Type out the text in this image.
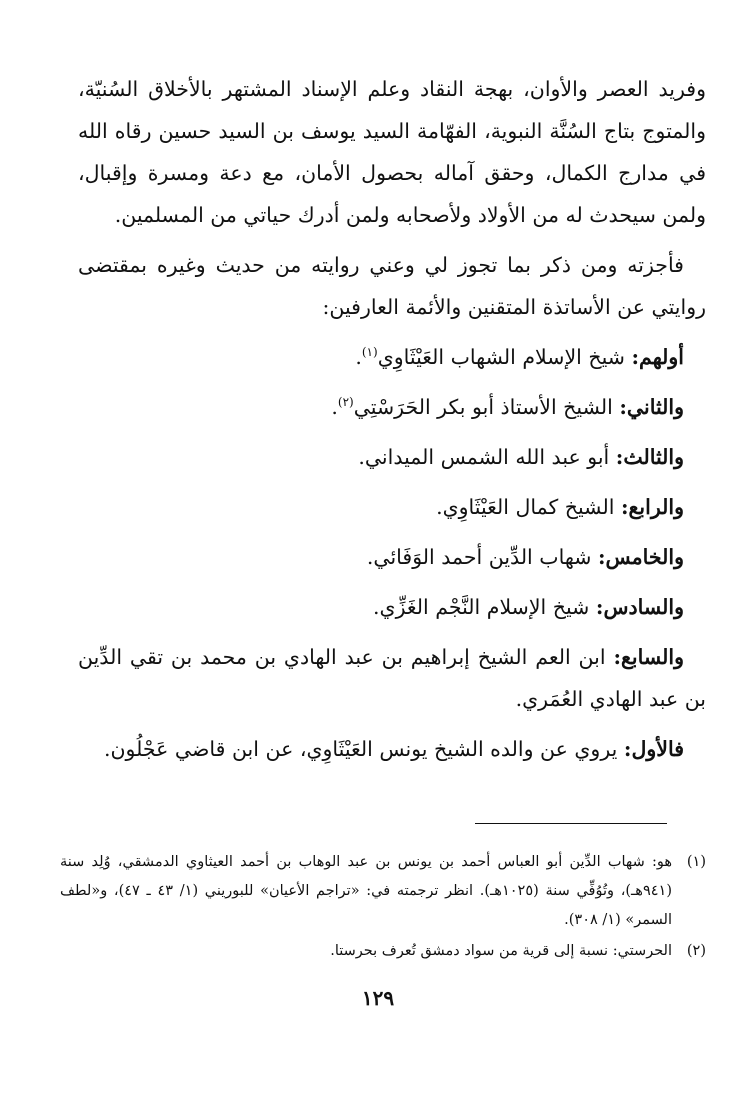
وفريد العصر والأوان، بهجة النقاد وعلم الإسناد المشتهر بالأخلاق السُنيّة، والمتوج بتاج السُنَّة النبوية، الفهّامة السيد يوسف بن السيد حسين رقاه الله في مدارج الكمال، وحقق آماله بحصول الأمان، مع دعة ومسرة وإقبال، ولمن سيحدث له من الأولاد ولأصحابه ولمن أدرك حياتي من المسلمين.

فأجزته ومن ذكر بما تجوز لي وعني روايته من حديث وغيره بمقتضى روايتي عن الأساتذة المتقنين والأئمة العارفين:

أولهم: شيخ الإسلام الشهاب العَيْثَاوِي$^{(١)}$.

والثاني: الشيخ الأستاذ أبو بكر الحَرَسْتِي$^{(٢)}$.

والثالث: أبو عبد الله الشمس الميداني.

والرابع: الشيخ كمال العَيْثَاوِي.

والخامس: شهاب الدِّين أحمد الوَفَائي.

والسادس: شيخ الإسلام النَّجْم الغَزِّي.

والسابع: ابن العم الشيخ إبراهيم بن عبد الهادي بن محمد بن تقي الدِّين بن عبد الهادي العُمَري.

فالأول: يروي عن والده الشيخ يونس العَيْثَاوِي، عن ابن قاضي عَجْلُون.

(١)
هو: شهاب الدِّين أبو العباس أحمد بن يونس بن عبد الوهاب بن أحمد العيثاوي الدمشقي، وُلِد سنة (٩٤١هـ)، وتُوُفِّي سنة (١٠٢٥هـ). انظر ترجمته في: «تراجم الأعيان» للبوريني (١/ ٤٣ ـ ٤٧)، و«لطف السمر» (١/ ٣٠٨).
(٢)
الحرستي: نسبة إلى قرية من سواد دمشق تُعرف بحرستا.
١٢٩
